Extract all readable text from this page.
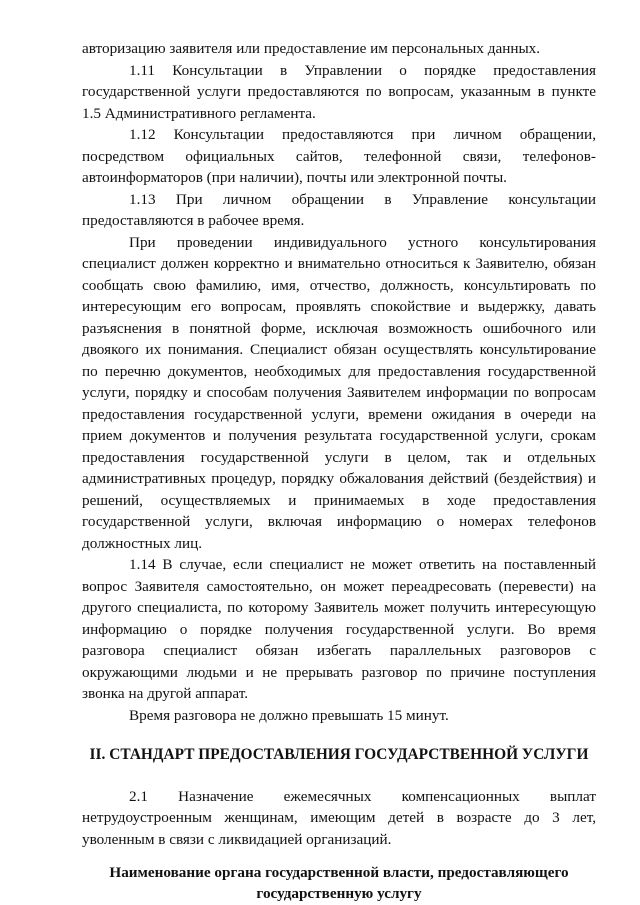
авторизацию заявителя или предоставление им персональных данных.

1.11 Консультации в Управлении о порядке предоставления государственной услуги предоставляются по вопросам, указанным в пункте 1.5 Административного регламента.

1.12 Консультации предоставляются при личном обращении, посредством официальных сайтов, телефонной связи, телефонов-автоинформаторов (при наличии), почты или электронной почты.

1.13 При личном обращении в Управление консультации предоставляются в рабочее время.

При проведении индивидуального устного консультирования специалист должен корректно и внимательно относиться к Заявителю, обязан сообщать свою фамилию, имя, отчество, должность, консультировать по интересующим его вопросам, проявлять спокойствие и выдержку, давать разъяснения в понятной форме, исключая возможность ошибочного или двоякого их понимания. Специалист обязан осуществлять консультирование по перечню документов, необходимых для предоставления государственной услуги, порядку и способам получения Заявителем информации по вопросам предоставления государственной услуги, времени ожидания в очереди на прием документов и получения результата государственной услуги, срокам предоставления государственной услуги в целом, так и отдельных административных процедур, порядку обжалования действий (бездействия) и решений, осуществляемых и принимаемых в ходе предоставления государственной услуги, включая информацию о номерах телефонов должностных лиц.

1.14 В случае, если специалист не может ответить на поставленный вопрос Заявителя самостоятельно, он может переадресовать (перевести) на другого специалиста, по которому Заявитель может получить интересующую информацию о порядке получения государственной услуги. Во время разговора специалист обязан избегать параллельных разговоров с окружающими людьми и не прерывать разговор по причине поступления звонка на другой аппарат.

Время разговора не должно превышать 15 минут.

II. СТАНДАРТ ПРЕДОСТАВЛЕНИЯ ГОСУДАРСТВЕННОЙ УСЛУГИ

2.1 Назначение ежемесячных компенсационных выплат нетрудоустроенным женщинам, имеющим детей в возрасте до 3 лет, уволенным в связи с ликвидацией организаций.

Наименование органа государственной власти, предоставляющего
государственную услугу
